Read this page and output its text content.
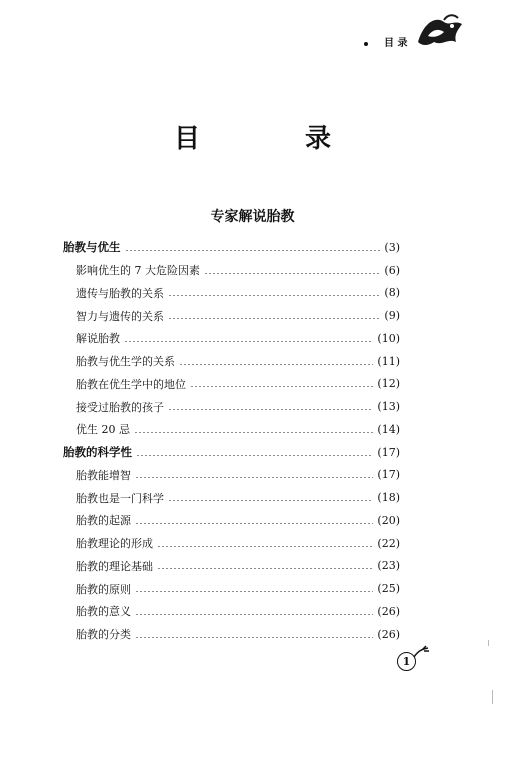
目 录
目 录
专家解说胎教
胎教与优生	(3)
影响优生的 7 大危险因素	(6)
遗传与胎教的关系	(8)
智力与遗传的关系	(9)
解说胎教	(10)
胎教与优生学的关系	(11)
胎教在优生学中的地位	(12)
接受过胎教的孩子	(13)
优生 20 忌	(14)
胎教的科学性	(17)
胎教能增智	(17)
胎教也是一门科学	(18)
胎教的起源	(20)
胎教理论的形成	(22)
胎教的理论基础	(23)
胎教的原则	(25)
胎教的意义	(26)
胎教的分类	(26)
1
